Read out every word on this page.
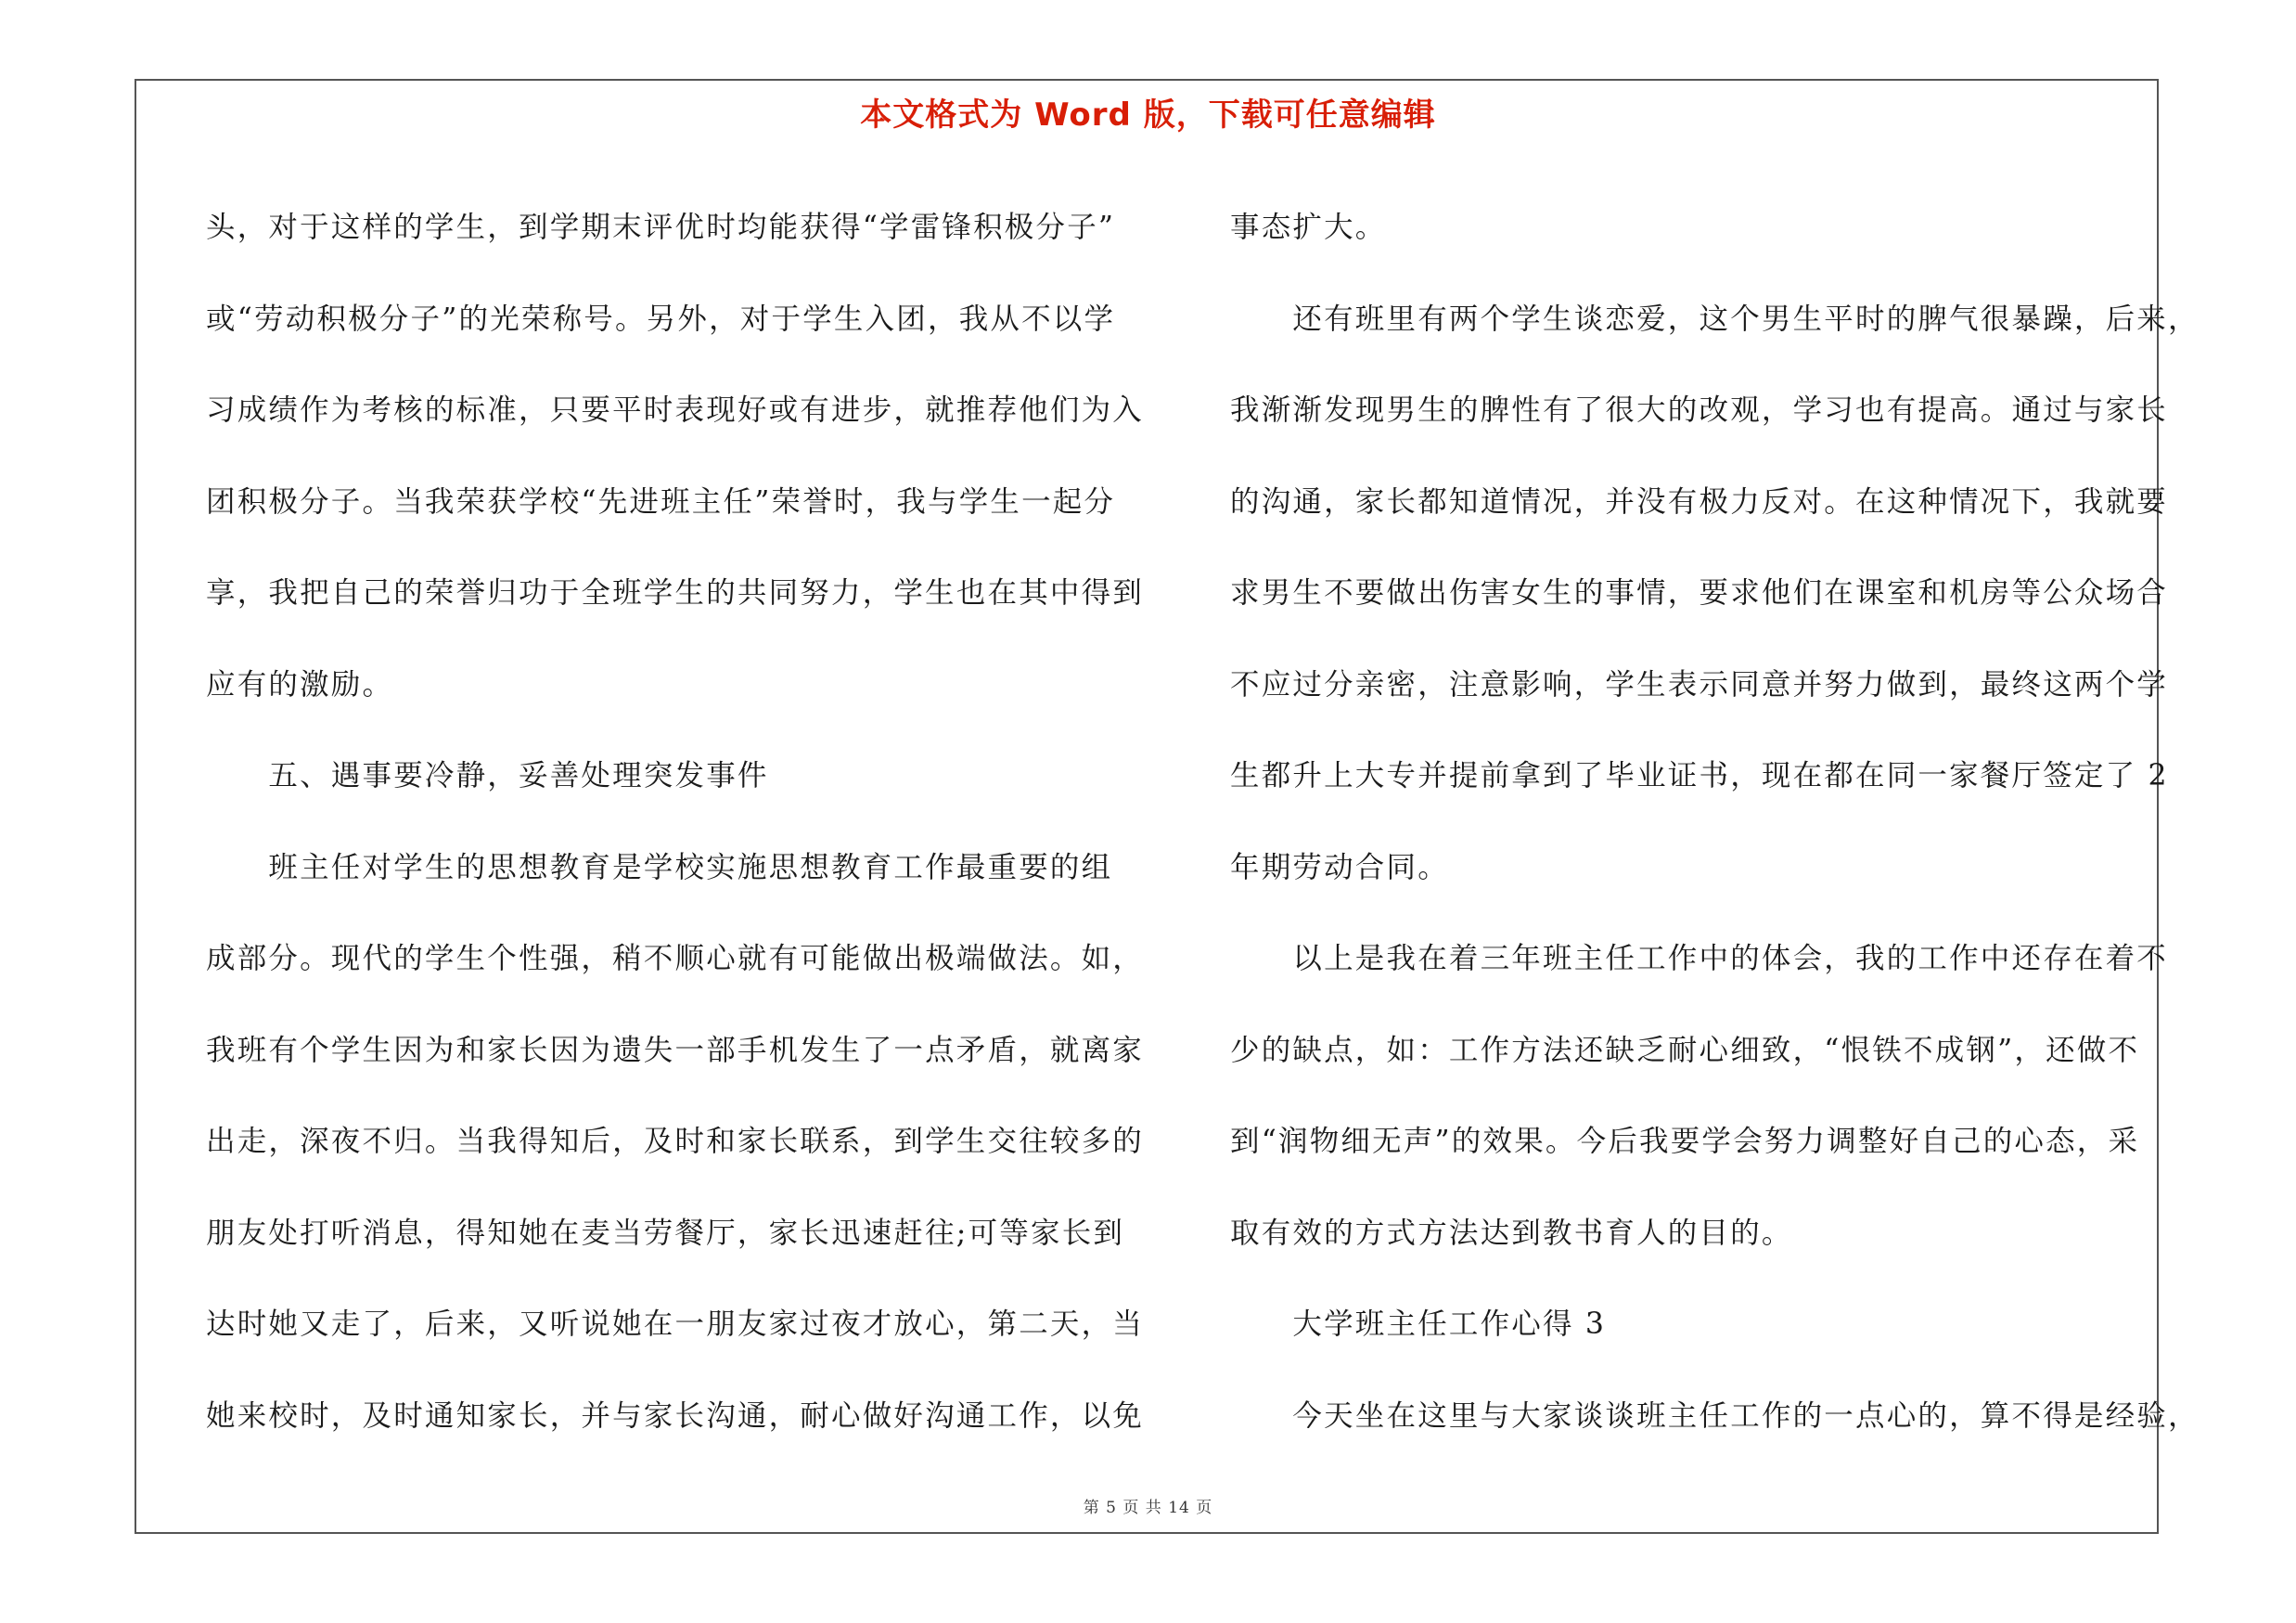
本文格式为 Word 版，下载可任意编辑

头，对于这样的学生，到学期末评优时均能获得“学雷锋积极分子”

或“劳动积极分子”的光荣称号。另外，对于学生入团，我从不以学

习成绩作为考核的标准，只要平时表现好或有进步，就推荐他们为入

团积极分子。当我荣获学校“先进班主任”荣誉时，我与学生一起分

享，我把自己的荣誉归功于全班学生的共同努力，学生也在其中得到

应有的激励。

　　五、遇事要冷静，妥善处理突发事件

　　班主任对学生的思想教育是学校实施思想教育工作最重要的组

成部分。现代的学生个性强，稍不顺心就有可能做出极端做法。如，

我班有个学生因为和家长因为遗失一部手机发生了一点矛盾，就离家

出走，深夜不归。当我得知后，及时和家长联系，到学生交往较多的

朋友处打听消息，得知她在麦当劳餐厅，家长迅速赶往;可等家长到

达时她又走了，后来，又听说她在一朋友家过夜才放心，第二天，当

她来校时，及时通知家长，并与家长沟通，耐心做好沟通工作，以免

事态扩大。

　　还有班里有两个学生谈恋爱，这个男生平时的脾气很暴躁，后来，

我渐渐发现男生的脾性有了很大的改观，学习也有提高。通过与家长

的沟通，家长都知道情况，并没有极力反对。在这种情况下，我就要

求男生不要做出伤害女生的事情，要求他们在课室和机房等公众场合

不应过分亲密，注意影响，学生表示同意并努力做到，最终这两个学

生都升上大专并提前拿到了毕业证书，现在都在同一家餐厅签定了 2

年期劳动合同。

　　以上是我在着三年班主任工作中的体会，我的工作中还存在着不

少的缺点，如：工作方法还缺乏耐心细致，“恨铁不成钢”，还做不

到“润物细无声”的效果。今后我要学会努力调整好自己的心态，采

取有效的方式方法达到教书育人的目的。

　　大学班主任工作心得 3

　　今天坐在这里与大家谈谈班主任工作的一点心的，算不得是经验，

第 5 页 共 14 页
